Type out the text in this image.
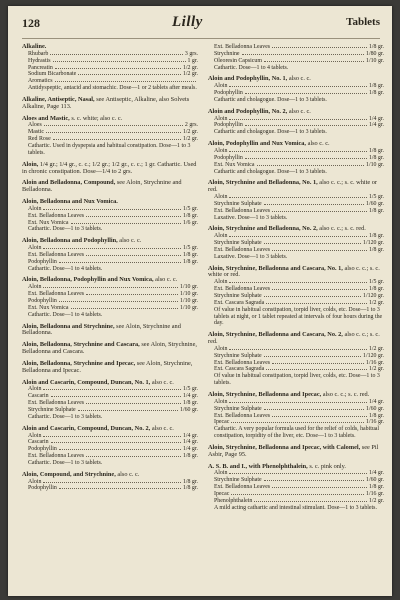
128	Lilly	Tablets
Alkaline.
Rhubarb	3 grs.
Hydrastis	1 gr.
Pancreatin	1/2 gr.
Sodium Bicarbonate	1/2 gr.
Aromatics
Antidyspeptic, antacid and stomachic. Dose—1 or 2 tablets after meals.
Alkaline, Antiseptic, Nasal, see Antiseptic, Alkaline, also Solvets Alkaline, Page 113.
Aloes and Mastic, s. c. white; also c. c.
Aloes	2 grs.
Mastic	1/2 gr.
Red Rose	1/2 gr.
Cathartic. Used in dyspepsia and habitual constipation. Dose—1 to 3 tablets.
Aloin, 1/4 gr.; 1/4 gr., c. c.; 1/2 gr.; 1/2 gr., c. c.; 1 gr. Cathartic. Used in chronic constipation. Dose—1/4 to 2 grs.
Aloin and Belladonna, Compound, see Aloin, Strychnine and Belladonna.
Aloin, Belladonna and Nux Vomica.
Aloin	1/5 gr.
Ext. Belladonna Leaves	1/8 gr.
Ext. Nux Vomica	1/6 gr.
Cathartic. Dose—1 to 3 tablets.
Aloin, Belladonna and Podophyllin, also c. c.
Aloin	1/5 gr.
Ext. Belladonna Leaves	1/8 gr.
Podophyllin	1/8 gr.
Cathartic. Dose—1 to 4 tablets.
Aloin, Belladonna, Podophyllin and Nux Vomica, also c. c.
Aloin	1/10 gr.
Ext. Belladonna Leaves	1/10 gr.
Podophyllin	1/10 gr.
Ext. Nux Vomica	1/10 gr.
Cathartic. Dose—1 to 4 tablets.
Aloin, Belladonna and Strychnine, see Aloin, Strychnine and Belladonna.
Aloin, Belladonna, Strychnine and Cascara, see Aloin, Strychnine, Belladonna and Cascara.
Aloin, Belladonna, Strychnine and Ipecac, see Aloin, Strychnine, Belladonna and Ipecac.
Aloin and Cascarin, Compound, Duncan, No. 1, also c. c.
Aloin	1/5 gr.
Cascarin	1/4 gr.
Ext. Belladonna Leaves	1/8 gr.
Strychnine Sulphate	1/60 gr.
Cathartic. Dose—1 to 3 tablets.
Aloin and Cascarin, Compound, Duncan, No. 2, also c. c.
Aloin	1/4 gr.
Cascarin	1/4 gr.
Podophyllin	1/4 gr.
Ext. Belladonna Leaves	1/8 gr.
Cathartic. Dose—1 to 3 tablets.
Aloin, Compound, and Strychnine, also c. c.
Aloin	1/8 gr.
Podophyllin	1/8 gr.
Ext. Belladonna Leaves	1/8 gr.
Strychnine	1/80 gr.
Oleoresin Capsicum	1/10 gr.
Cathartic. Dose—1 to 4 tablets.
Aloin and Podophyllin, No. 1, also c. c.
Aloin	1/8 gr.
Podophyllin	1/8 gr.
Cathartic and cholagogue. Dose—1 to 3 tablets.
Aloin and Podophyllin, No. 2, also c. c.
Aloin	1/4 gr.
Podophyllin	1/4 gr.
Cathartic and cholagogue. Dose—1 to 3 tablets.
Aloin, Podophyllin and Nux Vomica, also c. c.
Aloin	1/8 gr.
Podophyllin	1/8 gr.
Ext. Nux Vomica	1/10 gr.
Cathartic and cholagogue. Dose—1 to 3 tablets.
Aloin, Strychnine and Belladonna, No. 1, also c. c.; s. c. white or red.
Aloin	1/5 gr.
Strychnine Sulphate	1/60 gr.
Ext. Belladonna Leaves	1/8 gr.
Laxative. Dose—1 to 3 tablets.
Aloin, Strychnine and Belladonna, No. 2, also c. c.; s. c. red.
Aloin	1/8 gr.
Strychnine Sulphate	1/120 gr.
Ext. Belladonna Leaves	1/8 gr.
Laxative. Dose—1 to 3 tablets.
Aloin, Strychnine, Belladonna and Cascara, No. 1, also c. c.; s. c. white or red.
Aloin	1/5 gr.
Ext. Belladonna Leaves	1/8 gr.
Strychnine Sulphate	1/120 gr.
Ext. Cascara Sagrada	1/2 gr.
Of value in habitual constipation, torpid liver, colds, etc. Dose—1 to 3 tablets at night, or 1 tablet repeated at intervals of four hours during the day.
Aloin, Strychnine, Belladonna and Cascara, No. 2, also c. c.; s. c. red.
Aloin	1/2 gr.
Strychnine Sulphate	1/120 gr.
Ext. Belladonna Leaves	1/16 gr.
Ext. Cascara Sagrada	1/2 gr.
Of value in habitual constipation, torpid liver, colds, etc. Dose—1 to 3 tablets.
Aloin, Strychnine, Belladonna and Ipecac, also c. c.; s. c. red.
Aloin	1/4 gr.
Strychnine Sulphate	1/60 gr.
Ext. Belladonna Leaves	1/8 gr.
Ipecac	1/16 gr.
Cathartic. A very popular formula used for the relief of colds, habitual constipation, torpidity of the liver, etc. Dose—1 to 3 tablets.
Aloin, Strychnine, Belladonna and Ipecac, with Calomel, see Pil Asbir, Page 95.
A. S. B. and I., with Phenolphthalein, s. c. pink only.
Aloin	1/4 gr.
Strychnine Sulphate	1/60 gr.
Ext. Belladonna Leaves	1/8 gr.
Ipecac	1/16 gr.
Phenolphthalein	1/2 gr.
A mild acting cathartic and intestinal stimulant. Dose—1 to 3 tablets.
